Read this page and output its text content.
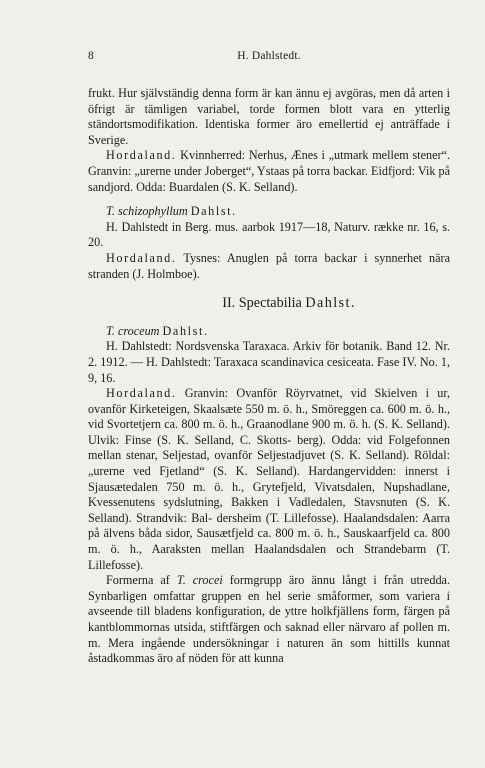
8	H. Dahlstedt.

frukt. Hur självständig denna form är kan ännu ej avgöras, men då arten i öfrigt är tämligen variabel, torde formen blott vara en ytterlig ständortsmodifikation. Identiska former äro emellertid ej anträffade i Sverige.

Hordaland. Kvinnherred: Nerhus, Ænes i „utmark mellem stener“. Granvin: „urerne under Joberget“, Ystaas på torra backar. Eidfjord: Vik på sandjord. Odda: Buardalen (S. K. Selland).

T. schizophyllum Dahlst.

H. Dahlstedt in Berg. mus. aarbok 1917—18, Naturv. række nr. 16, s. 20.

Hordaland. Tysnes: Anuglen på torra backar i synnerhet nära stranden (J. Holmboe).

II. Spectabilia Dahlst.

T. croceum Dahlst.

H. Dahlstedt: Nordsvenska Taraxaca. Arkiv för botanik. Band 12. Nr. 2. 1912. — H. Dahlstedt: Taraxaca scandinavica cesiceata. Fase IV. No. 1, 9, 16.

Hordaland. Granvin: Ovanför Röyrvatnet, vid Skielven i ur, ovanför Kirketeigen, Skaalsæte 550 m. ö. h., Smöreggen ca. 600 m. ö. h., vid Svortetjern ca. 800 m. ö. h., Graanodlane 900 m. ö. h. (S. K. Selland). Ulvik: Finse (S. K. Selland, C. Skotts- berg). Odda: vid Folgefonnen mellan stenar, Seljestad, ovanför Seljestadjuvet (S. K. Selland). Röldal: „urerne ved Fjetland“ (S. K. Selland). Hardangervidden: innerst i Sjausætedalen 750 m. ö. h., Grytefjeld, Vivatsdalen, Nupshadlane, Kvessenutens sydslutning, Bakken i Vadledalen, Stavsnuten (S. K. Selland). Strandvik: Bal- dersheim (T. Lillefosse). Haalandsdalen: Aarra på älvens båda sidor, Sausætfjeld ca. 800 m. ö. h., Sauskaarfjeld ca. 800 m. ö. h., Aaraksten mellan Haalandsdalen och Strandebarm (T. Lillefosse).

Formerna af T. crocei formgrupp äro ännu långt i från utredda. Synbarligen omfattar gruppen en hel serie småformer, som variera i avseende till bladens konfiguration, de yttre holkfjällens form, färgen på kantblommornas utsida, stiftfärgen och saknad eller närvaro af pollen m. m. Mera ingående undersökningar i naturen än som hittills kunnat åstadkommas äro af nöden för att kunna
